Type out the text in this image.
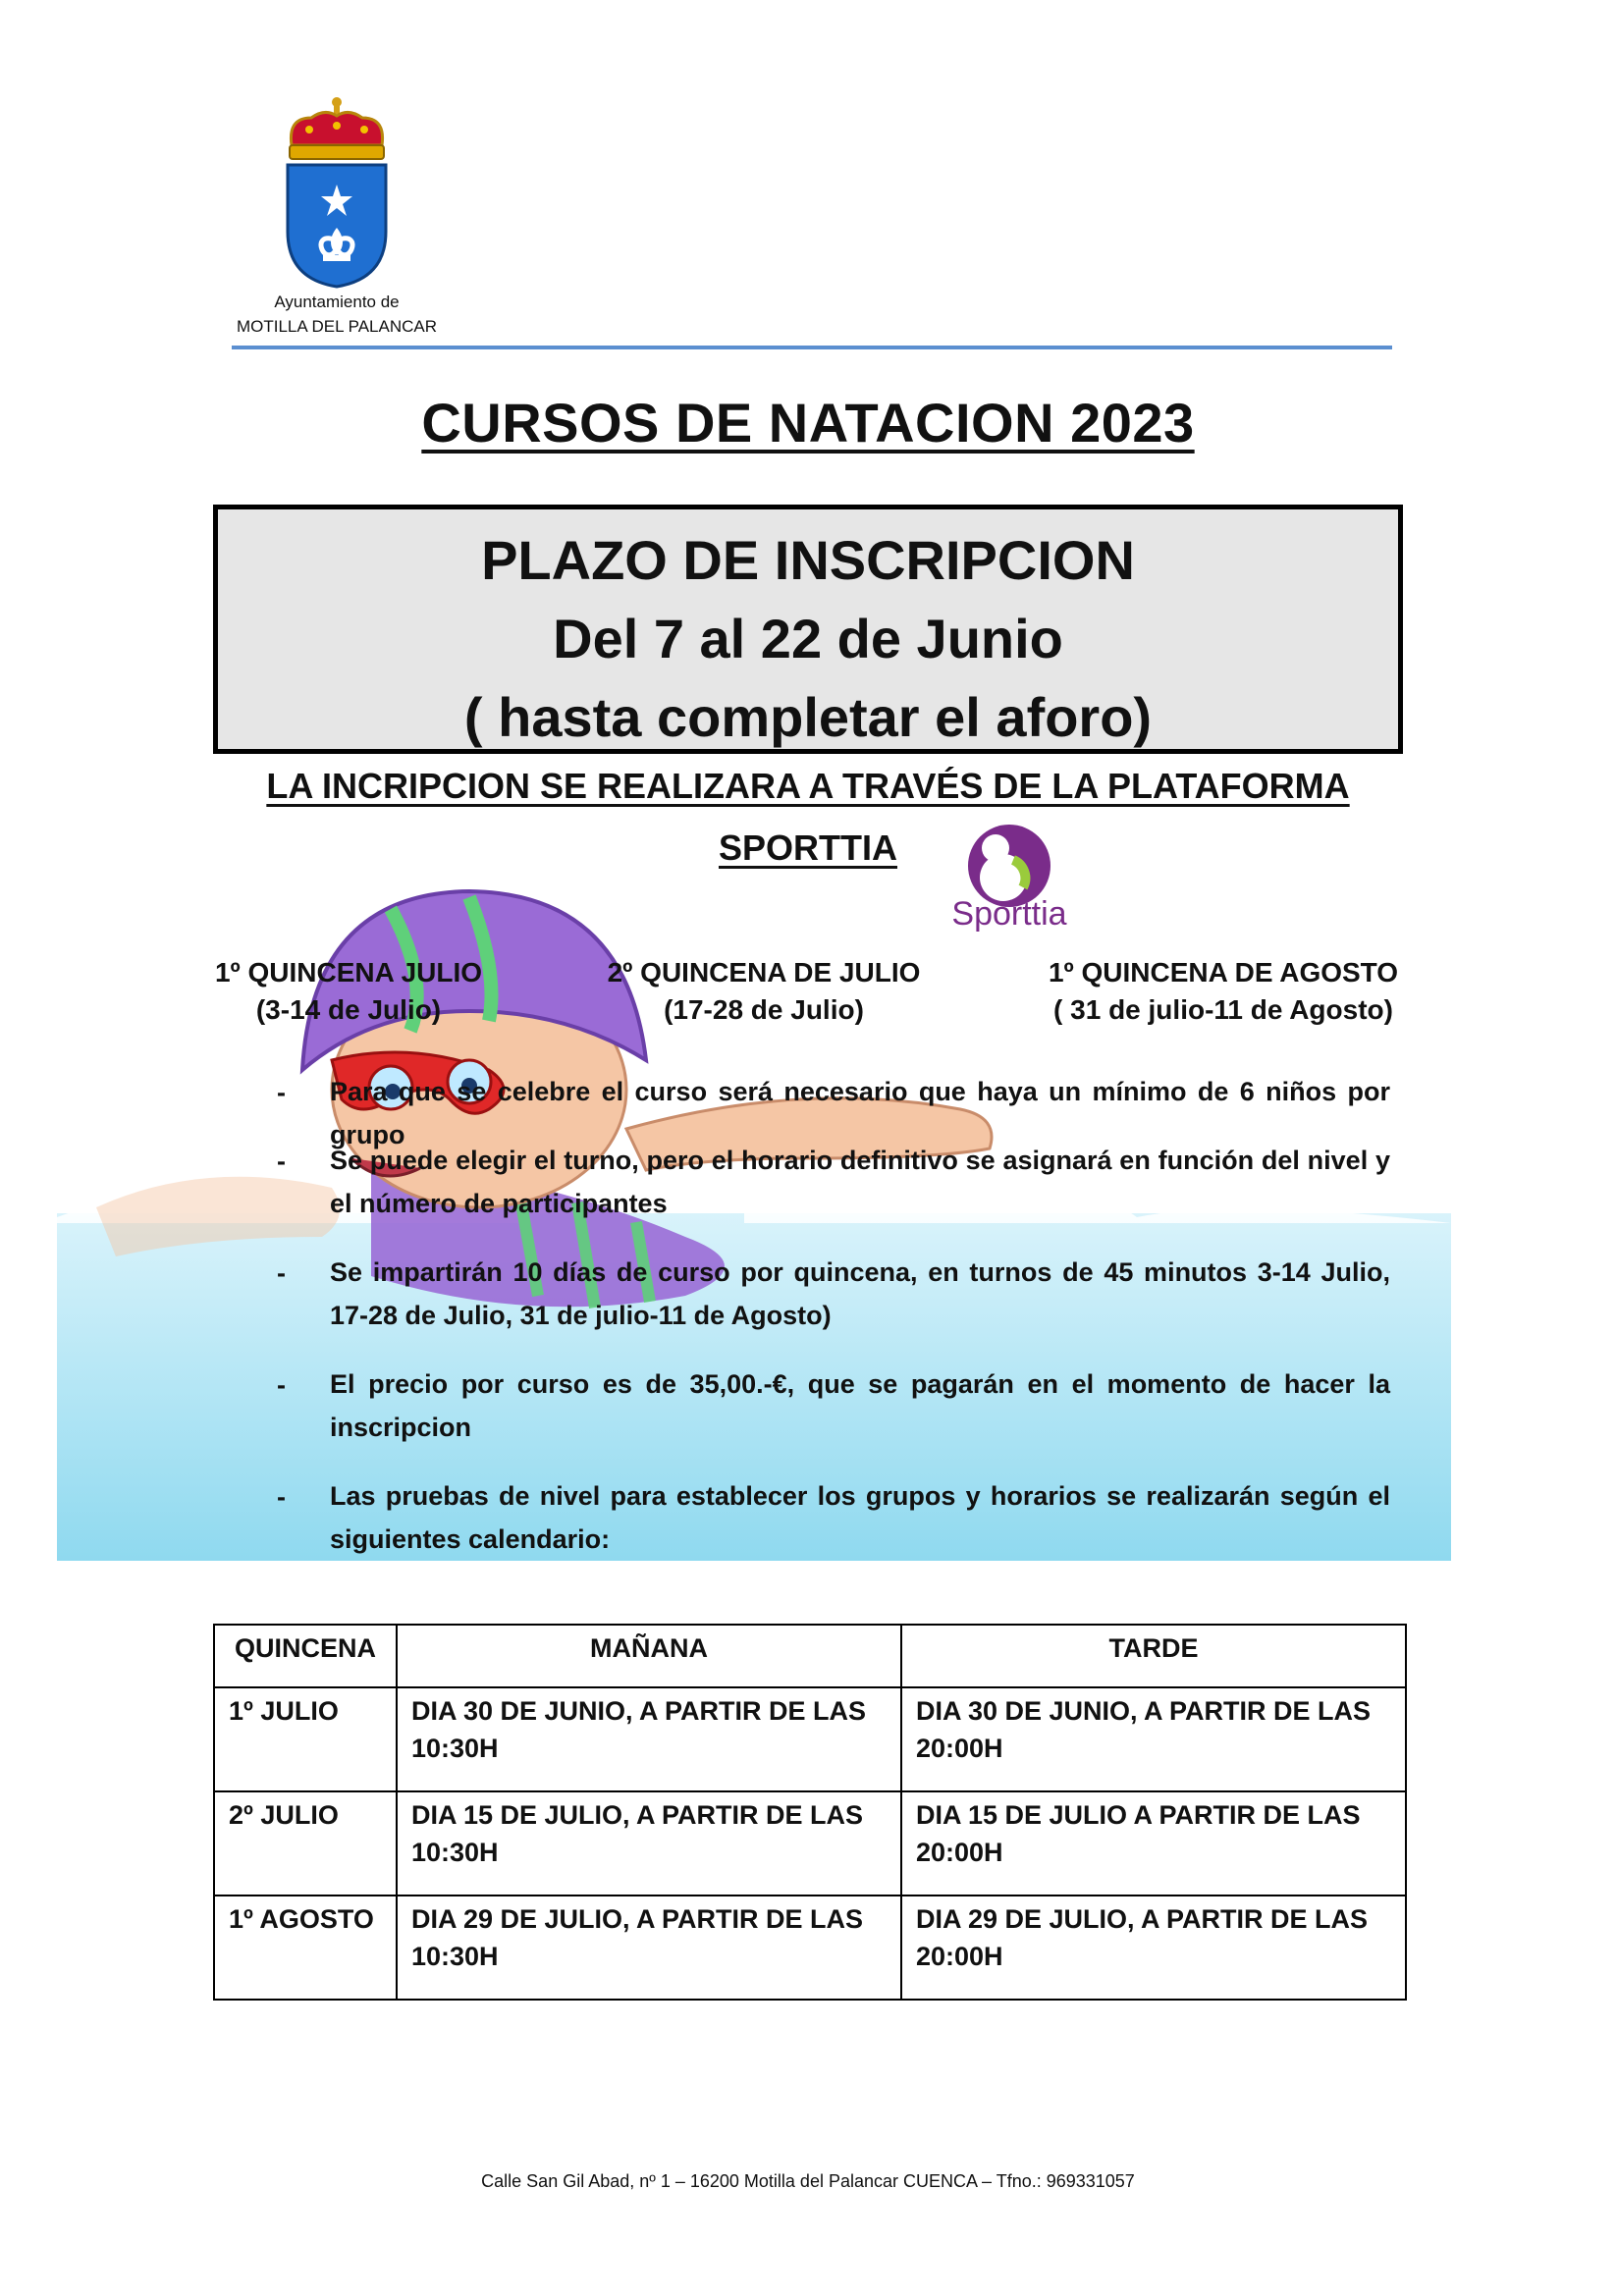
Ayuntamiento de
MOTILLA DEL PALANCAR
CURSOS DE NATACION 2023
PLAZO DE INSCRIPCION
Del 7 al 22 de Junio
( hasta completar el aforo)
LA INCRIPCION SE REALIZARA A TRAVÉS DE LA PLATAFORMA
SPORTTIA
Sporttia
1º QUINCENA JULIO
(3-14 de Julio)
2º QUINCENA DE JULIO
(17-28 de Julio)
1º QUINCENA DE AGOSTO
( 31 de julio-11 de Agosto)
- Para que se celebre el curso será necesario que haya un mínimo de 6 niños por grupo
- Se puede elegir el turno, pero el horario definitivo se asignará en función del nivel y el número de participantes
- Se impartirán 10 días de curso por quincena, en turnos de 45 minutos 3-14 Julio, 17-28 de Julio, 31 de julio-11 de Agosto)
- El precio por curso es de 35,00.-€, que se pagarán en el momento de hacer la inscripcion
- Las pruebas de nivel para establecer los grupos y horarios se realizarán según el siguientes calendario:
QUINCENA	MAÑANA	TARDE
1º JULIO	DIA 30 DE JUNIO, A PARTIR DE LAS 10:30H	DIA 30 DE JUNIO, A PARTIR DE LAS 20:00H
2º JULIO	DIA 15 DE JULIO, A PARTIR DE LAS 10:30H	DIA 15 DE JULIO A PARTIR DE LAS 20:00H
1º AGOSTO	DIA 29 DE JULIO, A PARTIR DE LAS 10:30H	DIA 29 DE JULIO, A PARTIR DE LAS 20:00H
Calle San Gil Abad, nº 1 – 16200 Motilla del Palancar CUENCA – Tfno.: 969331057
